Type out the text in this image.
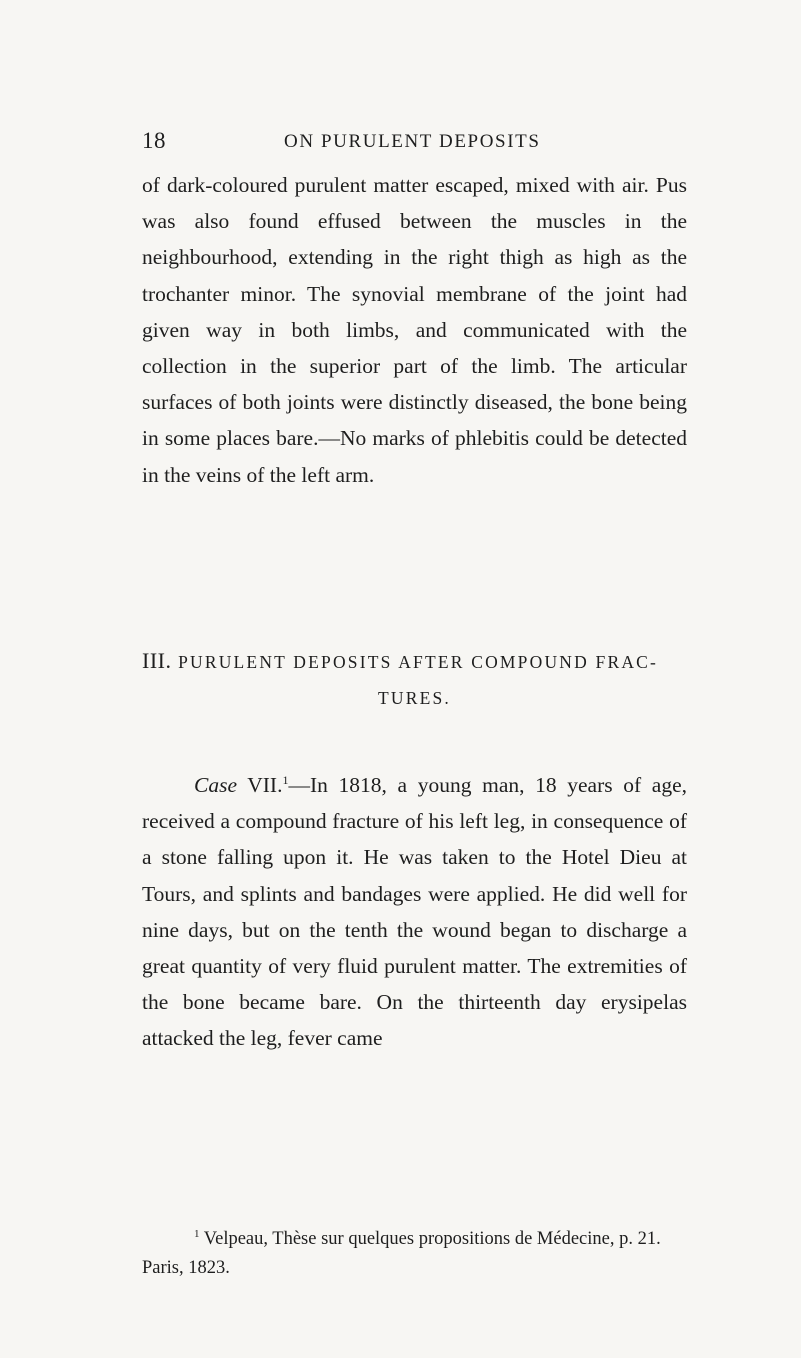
18	ON PURULENT DEPOSITS

of dark-coloured purulent matter escaped, mixed with air. Pus was also found effused between the muscles in the neighbourhood, extending in the right thigh as high as the trochanter minor. The synovial membrane of the joint had given way in both limbs, and communicated with the collection in the superior part of the limb. The articular surfaces of both joints were distinctly diseased, the bone being in some places bare.—No marks of phlebitis could be detected in the veins of the left arm.

III. PURULENT DEPOSITS AFTER COMPOUND FRAC-
TURES.

Case VII.$^1$—In 1818, a young man, 18 years of age, received a compound fracture of his left leg, in consequence of a stone falling upon it. He was taken to the Hotel Dieu at Tours, and splints and bandages were applied. He did well for nine days, but on the tenth the wound began to discharge a great quantity of very fluid purulent matter. The extremities of the bone became bare. On the thirteenth day erysipelas attacked the leg, fever came

$^1$ Velpeau, Thèse sur quelques propositions de Médecine, p. 21. Paris, 1823.
